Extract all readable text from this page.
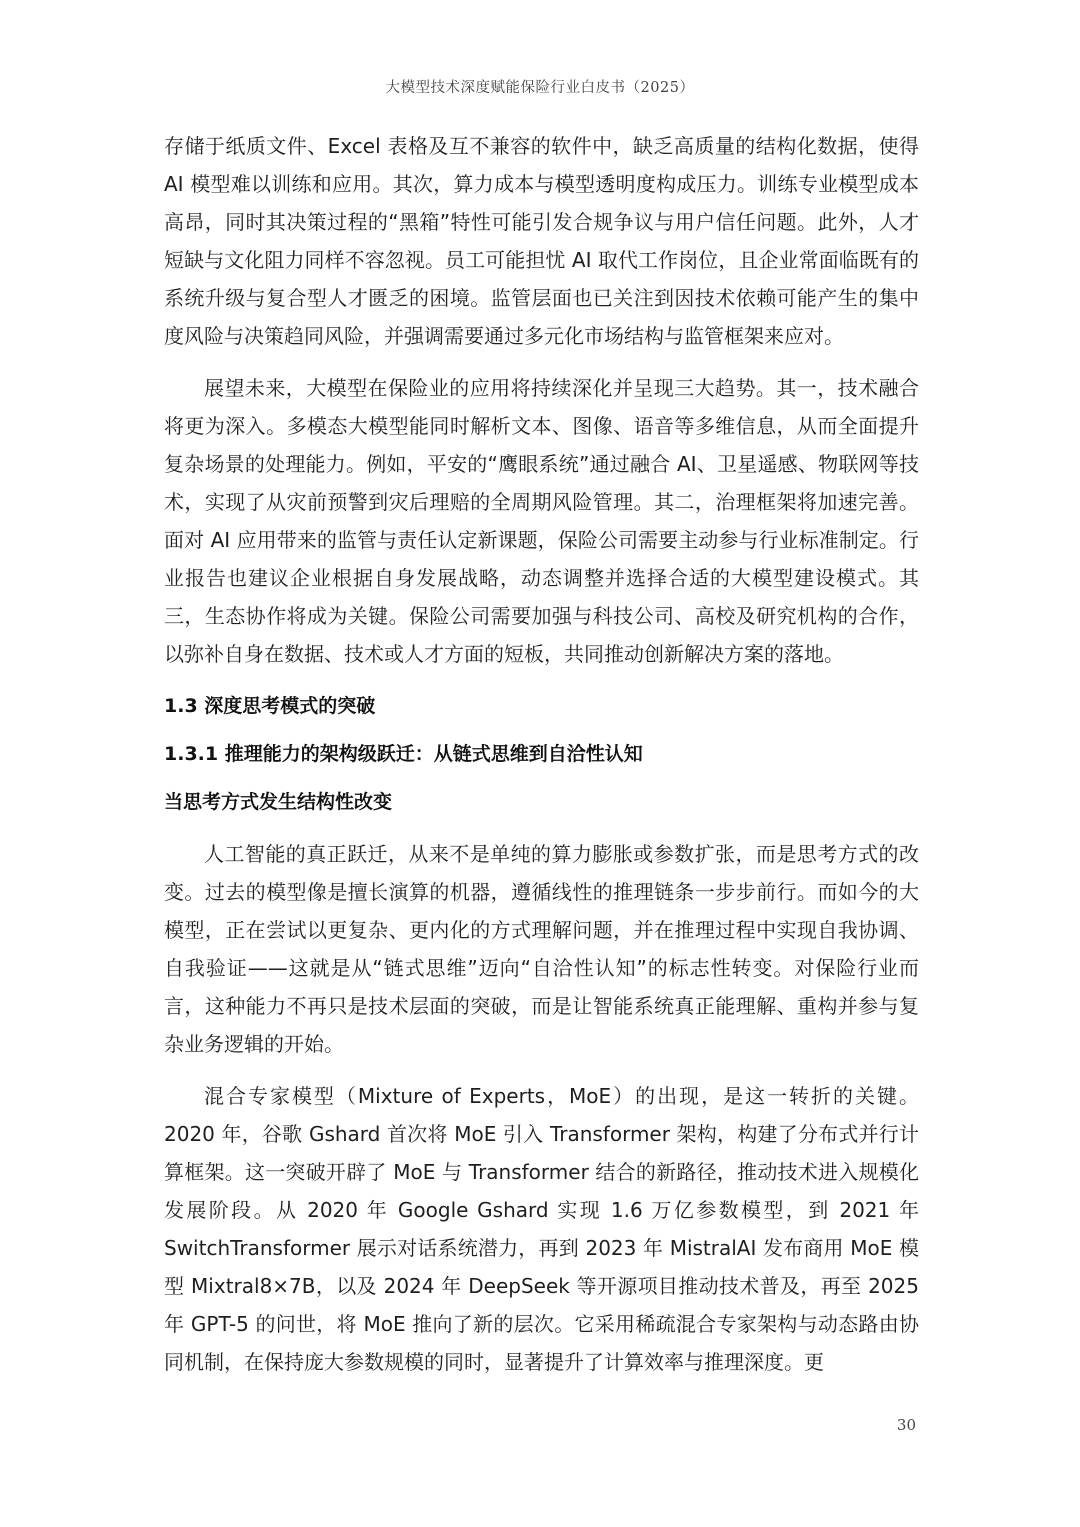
大模型技术深度赋能保险行业白皮书（2025）

存储于纸质文件、Excel 表格及互不兼容的软件中，缺乏高质量的结构化数据，使得 AI 模型难以训练和应用。其次，算力成本与模型透明度构成压力。训练专业模型成本高昂，同时其决策过程的“黑箱”特性可能引发合规争议与用户信任问题。此外，人才短缺与文化阻力同样不容忽视。员工可能担忧 AI 取代工作岗位，且企业常面临既有的系统升级与复合型人才匮乏的困境。监管层面也已关注到因技术依赖可能产生的集中度风险与决策趋同风险，并强调需要通过多元化市场结构与监管框架来应对。

展望未来，大模型在保险业的应用将持续深化并呈现三大趋势。其一，技术融合将更为深入。多模态大模型能同时解析文本、图像、语音等多维信息，从而全面提升复杂场景的处理能力。例如，平安的“鹰眼系统”通过融合 AI、卫星遥感、物联网等技术，实现了从灾前预警到灾后理赔的全周期风险管理。其二，治理框架将加速完善。面对 AI 应用带来的监管与责任认定新课题，保险公司需要主动参与行业标准制定。行业报告也建议企业根据自身发展战略，动态调整并选择合适的大模型建设模式。其三，生态协作将成为关键。保险公司需要加强与科技公司、高校及研究机构的合作，以弥补自身在数据、技术或人才方面的短板，共同推动创新解决方案的落地。

1.3 深度思考模式的突破
1.3.1 推理能力的架构级跃迁：从链式思维到自洽性认知
当思考方式发生结构性改变

人工智能的真正跃迁，从来不是单纯的算力膨胀或参数扩张，而是思考方式的改变。过去的模型像是擅长演算的机器，遵循线性的推理链条一步步前行。而如今的大模型，正在尝试以更复杂、更内化的方式理解问题，并在推理过程中实现自我协调、自我验证——这就是从“链式思维”迈向“自洽性认知”的标志性转变。对保险行业而言，这种能力不再只是技术层面的突破，而是让智能系统真正能理解、重构并参与复杂业务逻辑的开始。

混合专家模型（Mixture of Experts，MoE）的出现，是这一转折的关键。2020 年，谷歌 Gshard 首次将 MoE 引入 Transformer 架构，构建了分布式并行计算框架。这一突破开辟了 MoE 与 Transformer 结合的新路径，推动技术进入规模化发展阶段。从 2020 年 Google Gshard 实现 1.6 万亿参数模型，到 2021 年 SwitchTransformer 展示对话系统潜力，再到 2023 年 MistralAI 发布商用 MoE 模型 Mixtral8×7B，以及 2024 年 DeepSeek 等开源项目推动技术普及，再至 2025 年 GPT-5 的问世，将 MoE 推向了新的层次。它采用稀疏混合专家架构与动态路由协同机制，在保持庞大参数规模的同时，显著提升了计算效率与推理深度。更

30
